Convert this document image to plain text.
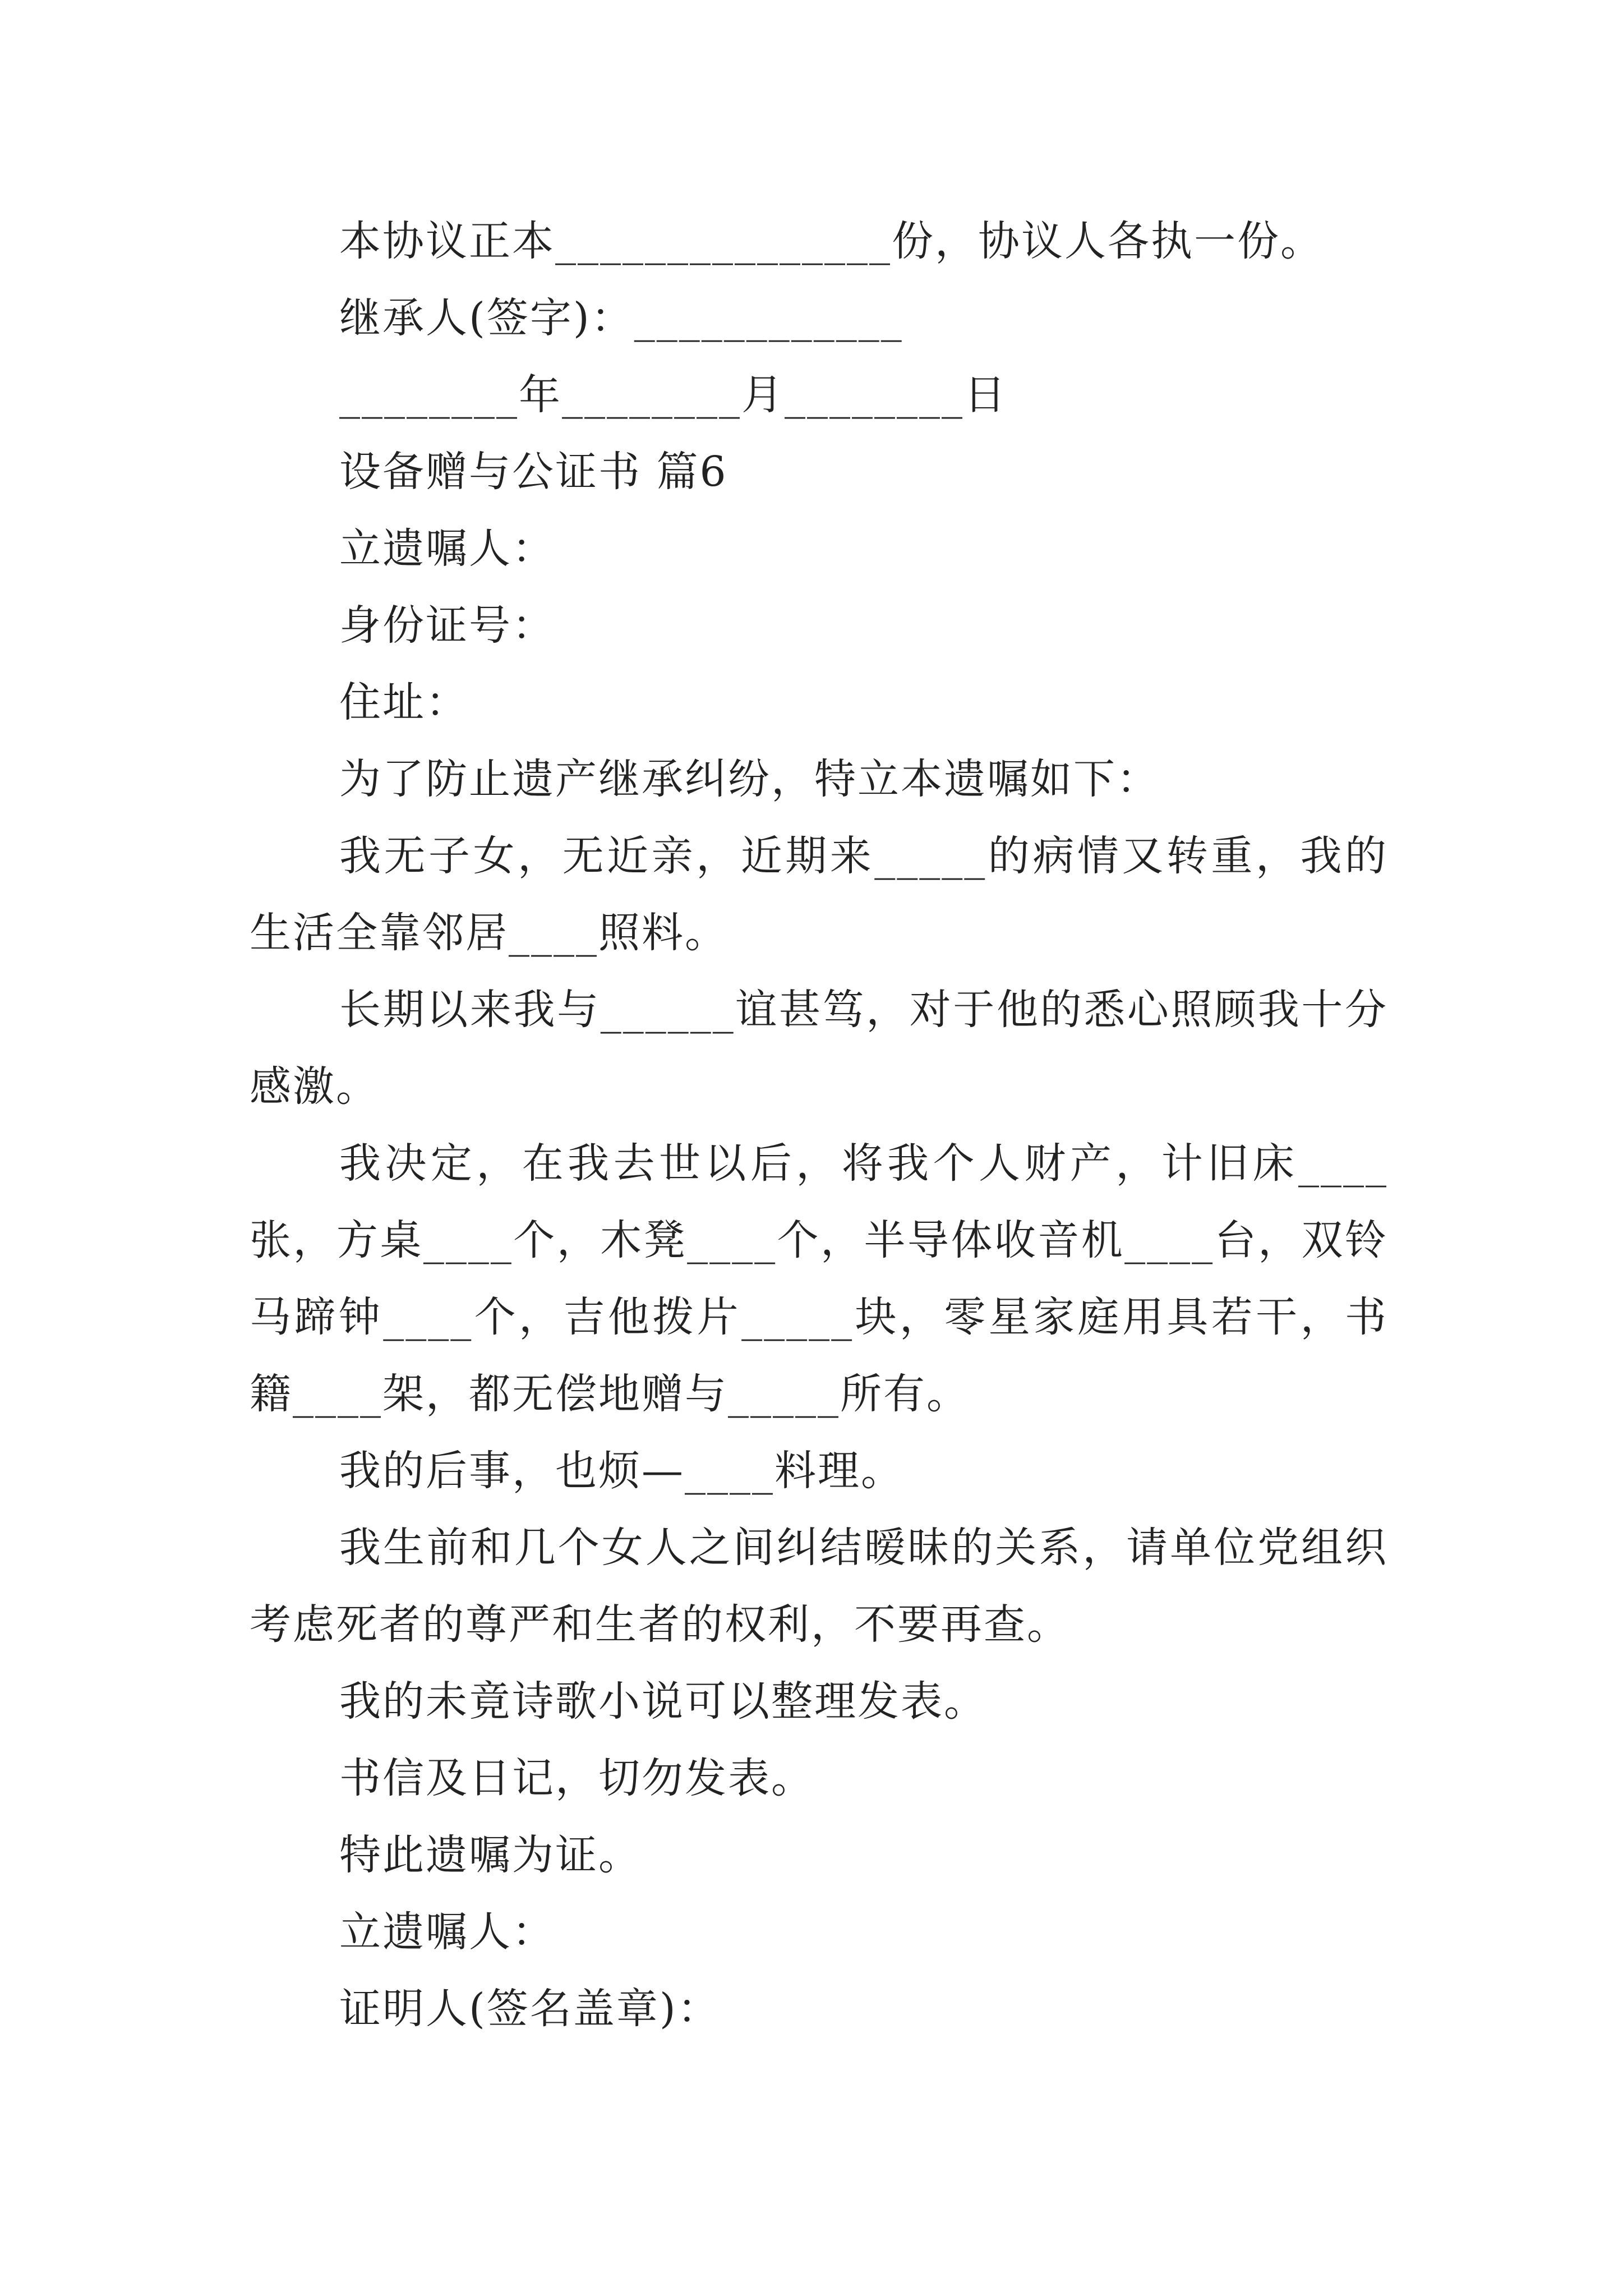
本协议正本_______________份，协议人各执一份。

继承人(签字)：____________

________年________月________日

设备赠与公证书 篇6

立遗嘱人：

身份证号：

住址：

为了防止遗产继承纠纷，特立本遗嘱如下：

我无子女，无近亲，近期来_____的病情又转重，我的生活全靠邻居____照料。

长期以来我与______谊甚笃，对于他的悉心照顾我十分感激。

我决定，在我去世以后，将我个人财产，计旧床____张，方桌____个，木凳____个，半导体收音机____台，双铃马蹄钟____个，吉他拨片_____块，零星家庭用具若干，书籍____架，都无偿地赠与_____所有。

我的后事，也烦—____料理。

我生前和几个女人之间纠结暧昧的关系，请单位党组织考虑死者的尊严和生者的权利，不要再查。

我的未竟诗歌小说可以整理发表。

书信及日记，切勿发表。

特此遗嘱为证。

立遗嘱人：

证明人(签名盖章)：
